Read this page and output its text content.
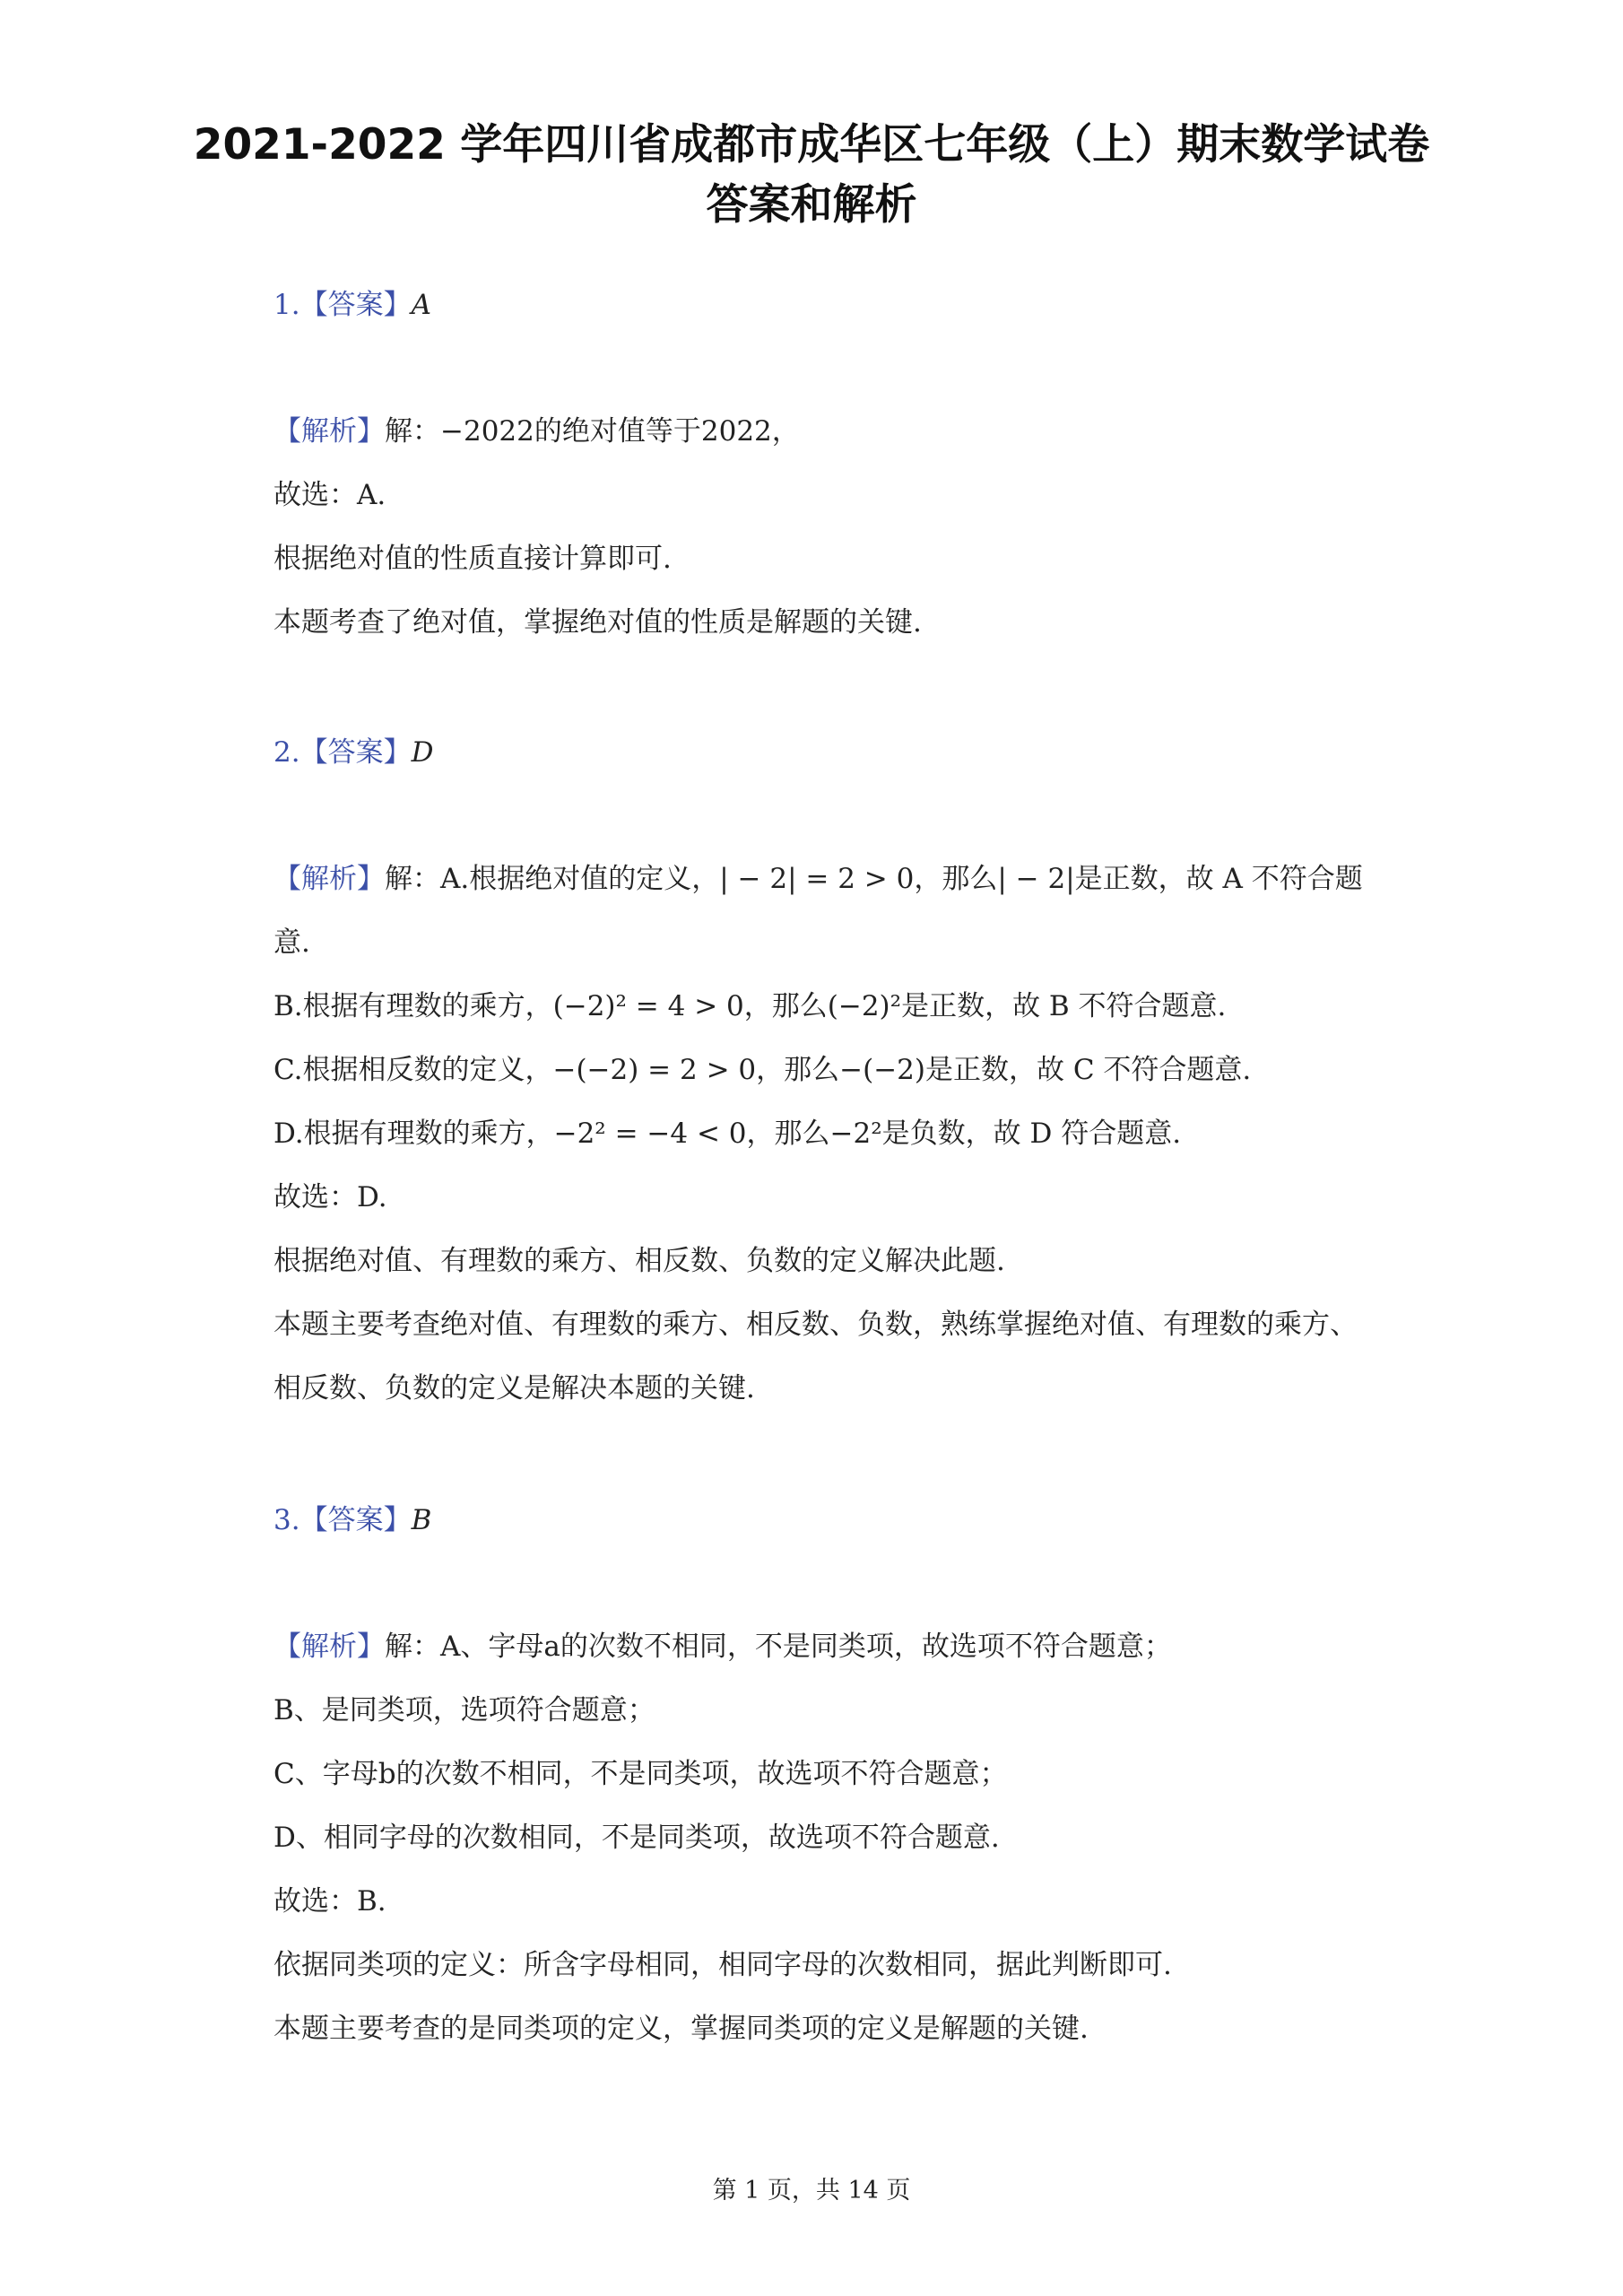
2021-2022 学年四川省成都市成华区七年级（上）期末数学试卷
答案和解析
1.【答案】A
【解析】解：−2022的绝对值等于2022，
故选：A.
根据绝对值的性质直接计算即可.
本题考查了绝对值，掌握绝对值的性质是解题的关键.
2.【答案】D
【解析】解：A.根据绝对值的定义，| − 2| = 2 > 0，那么| − 2|是正数，故 A 不符合题
意.
B.根据有理数的乘方，(−2)² = 4 > 0，那么(−2)²是正数，故 B 不符合题意.
C.根据相反数的定义，−(−2) = 2 > 0，那么−(−2)是正数，故 C 不符合题意.
D.根据有理数的乘方，−2² = −4 < 0，那么−2²是负数，故 D 符合题意.
故选：D.
根据绝对值、有理数的乘方、相反数、负数的定义解决此题.
本题主要考查绝对值、有理数的乘方、相反数、负数，熟练掌握绝对值、有理数的乘方、
相反数、负数的定义是解决本题的关键.
3.【答案】B
【解析】解：A、字母a的次数不相同，不是同类项，故选项不符合题意；
B、是同类项，选项符合题意；
C、字母b的次数不相同，不是同类项，故选项不符合题意；
D、相同字母的次数相同，不是同类项，故选项不符合题意.
故选：B.
依据同类项的定义：所含字母相同，相同字母的次数相同，据此判断即可.
本题主要考查的是同类项的定义，掌握同类项的定义是解题的关键.
第 1 页，共 14 页
